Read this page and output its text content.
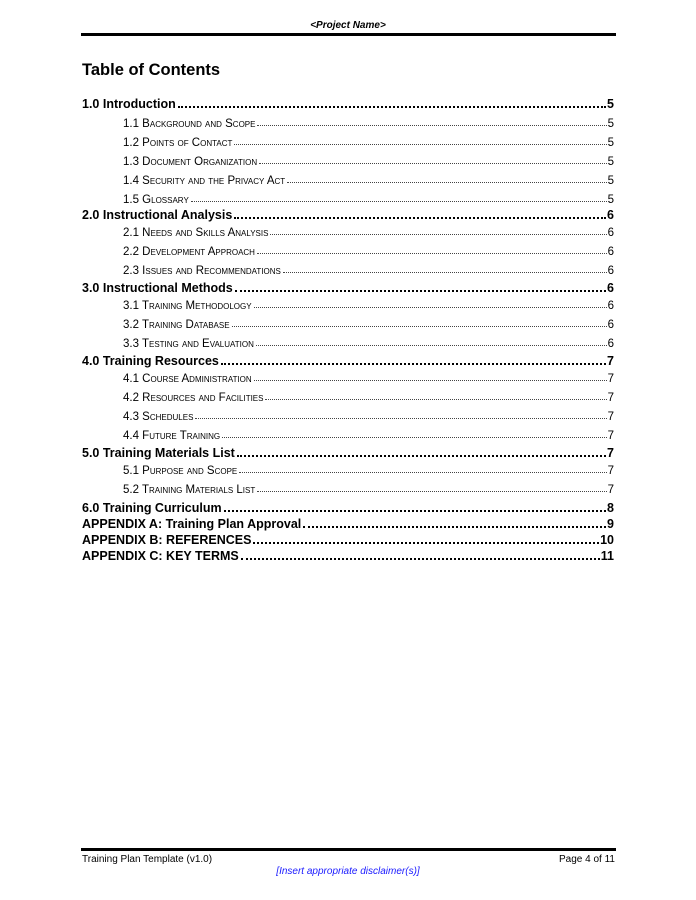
<Project Name>
Table of Contents
1.0 Introduction	5
1.1 Background and Scope	5
1.2 Points of Contact	5
1.3 Document Organization	5
1.4 Security and the Privacy Act	5
1.5 Glossary	5
2.0 Instructional Analysis	6
2.1 Needs and Skills Analysis	6
2.2 Development Approach	6
2.3 Issues and Recommendations	6
3.0 Instructional Methods	6
3.1 Training Methodology	6
3.2 Training Database	6
3.3 Testing and Evaluation	6
4.0 Training Resources	7
4.1 Course Administration	7
4.2 Resources and Facilities	7
4.3 Schedules	7
4.4 Future Training	7
5.0 Training Materials List	7
5.1 Purpose and Scope	7
5.2 Training Materials List	7
6.0 Training Curriculum	8
APPENDIX A: Training Plan Approval	9
APPENDIX B: REFERENCES	10
APPENDIX C: KEY TERMS	11
Training Plan Template (v1.0)	Page 4 of 11
[Insert appropriate disclaimer(s)]
